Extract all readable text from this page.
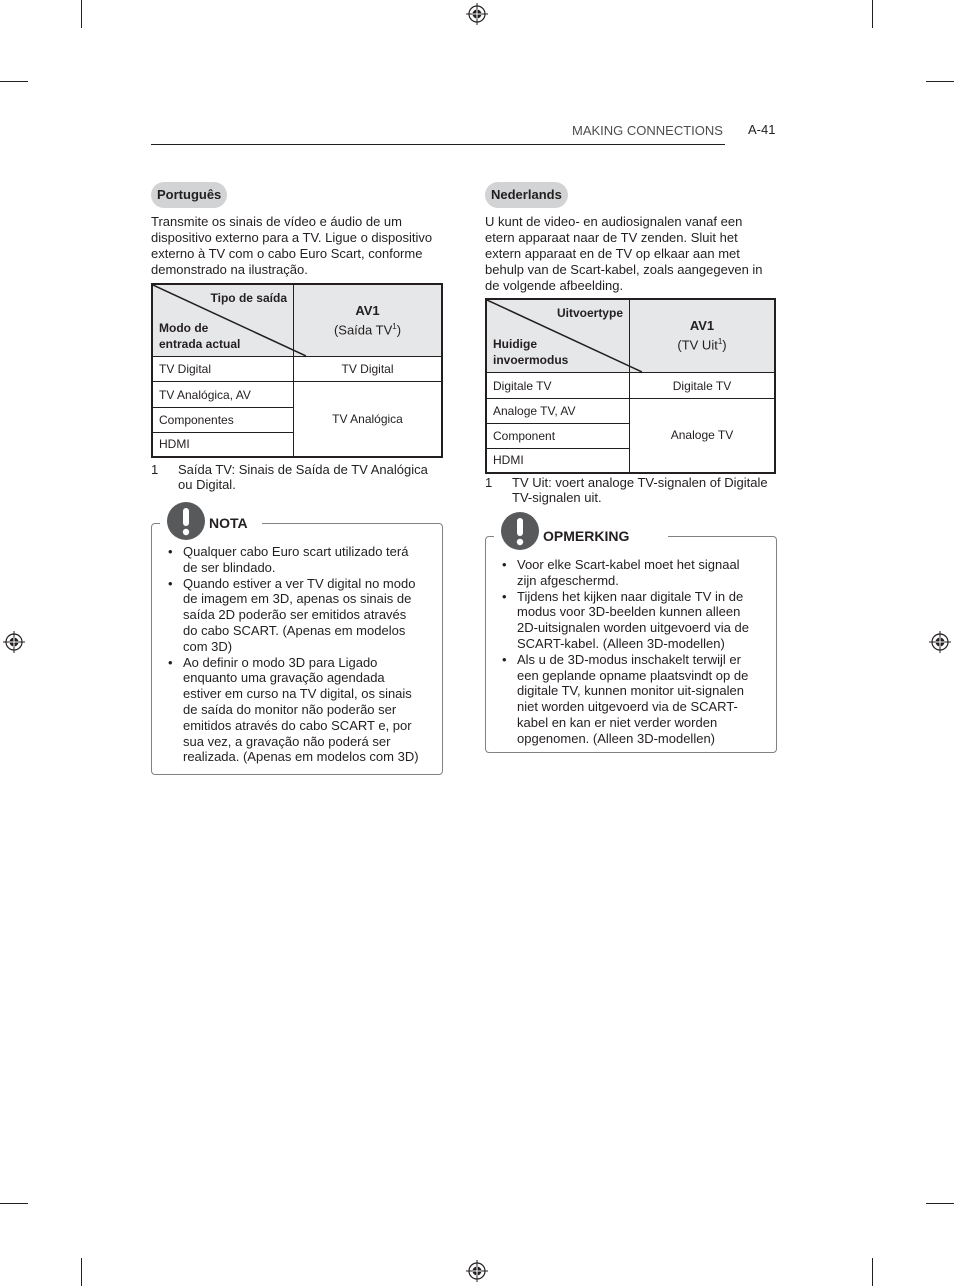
MAKING CONNECTIONS A-41
Português
Transmite os sinais de vídeo e áudio de um
dispositivo externo para a TV. Ligue o dispositivo
externo à TV com o cabo Euro Scart, conforme
demonstrado na ilustração.
Tipo de saída
Modo de
entrada actual	AV1
(Saída $TV^1$)
TV Digital	TV Digital
TV Analógica, AV	TV Analógica
Componentes	
HDMI	
1 Saída TV: Sinais de Saída de TV Analógica
ou Digital.
• Qualquer cabo Euro scart utilizado terá
de ser blindado.
• Quando estiver a ver TV digital no modo
de imagem em 3D, apenas os sinais de
saída 2D poderão ser emitidos através
do cabo SCART. (Apenas em modelos
com 3D)
• Ao definir o modo 3D para Ligado
enquanto uma gravação agendada
estiver em curso na TV digital, os sinais
de saída do monitor não poderão ser
emitidos através do cabo SCART e, por
sua vez, a gravação não poderá ser
realizada. (Apenas em modelos com 3D)
NOTA
Nederlands
U kunt de video- en audiosignalen vanaf een
etern apparaat naar de TV zenden. Sluit het
extern apparaat en de TV op elkaar aan met
behulp van de Scart-kabel, zoals aangegeven in
de volgende afbeelding.
Uitvoertype
Huidige
invoermodus	AV1
(TV Uit$^1$)
Digitale TV	Digitale TV
Analoge TV, AV	Analoge TV
Component	
HDMI	
1 TV Uit: voert analoge TV-signalen of Digitale
TV-signalen uit.
• Voor elke Scart-kabel moet het signaal
zijn afgeschermd.
• Tijdens het kijken naar digitale TV in de
modus voor 3D-beelden kunnen alleen
2D-uitsignalen worden uitgevoerd via de
SCART-kabel. (Alleen 3D-modellen)
• Als u de 3D-modus inschakelt terwijl er
een geplande opname plaatsvindt op de
digitale TV, kunnen monitor uit-signalen
niet worden uitgevoerd via de SCART-
kabel en kan er niet verder worden
opgenomen. (Alleen 3D-modellen)
OPMERKING
